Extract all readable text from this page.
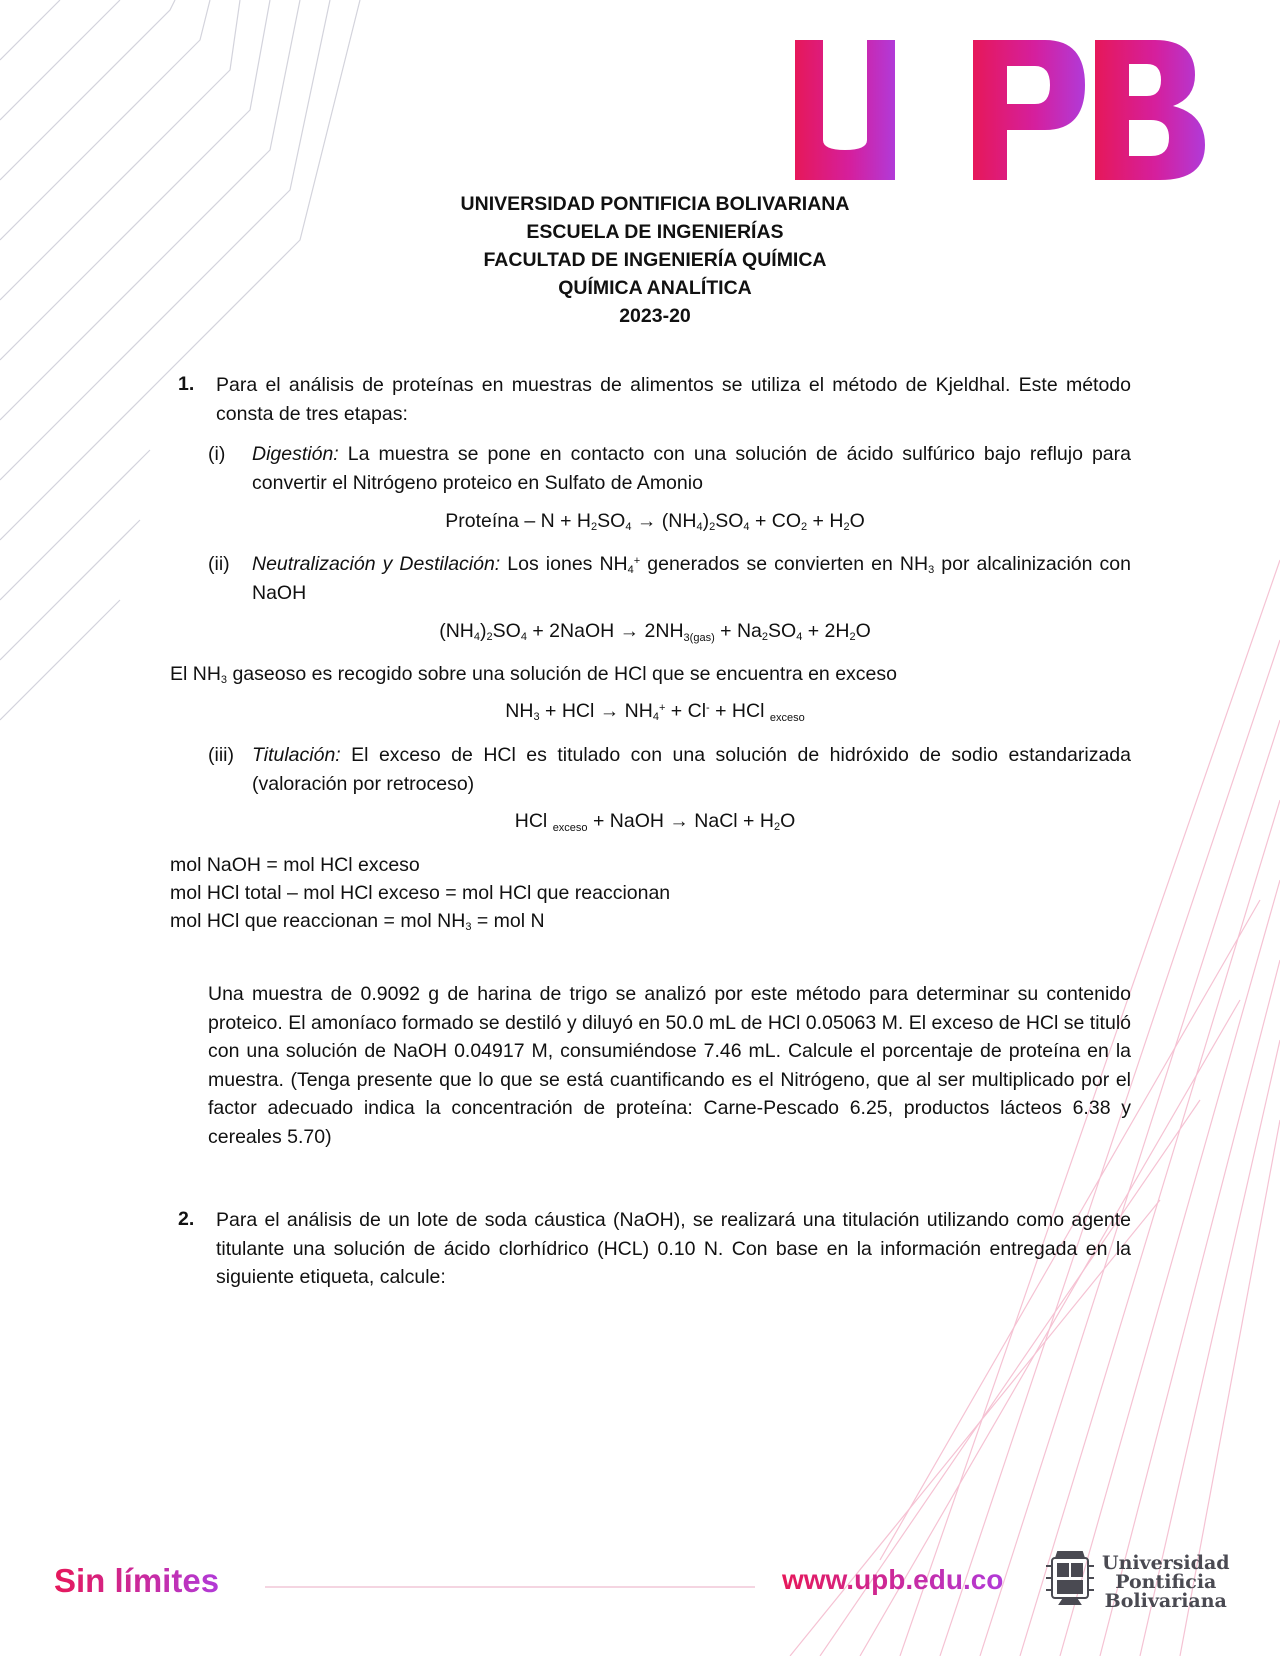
UNIVERSIDAD PONTIFICIA BOLIVARIANA
ESCUELA DE INGENIERÍAS
FACULTAD DE INGENIERÍA QUÍMICA
QUÍMICA ANALÍTICA
2023-20
1. Para el análisis de proteínas en muestras de alimentos se utiliza el método de Kjeldhal. Este método consta de tres etapas:
(i) Digestión: La muestra se pone en contacto con una solución de ácido sulfúrico bajo reflujo para convertir el Nitrógeno proteico en Sulfato de Amonio
Proteína – $N + H_2SO_4 \to (NH_4)_2SO_4 + CO_2 + H_2O$
(ii) Neutralización y Destilación: Los iones $NH_4^+$ generados se convierten en $NH_3$ por alcalinización con NaOH
$(NH_4)_2SO_4$ + 2NaOH → $2NH_{3(gas)} + Na_2SO_4 + 2H_2O$
El $NH_3$ gaseoso es recogido sobre una solución de HCl que se encuentra en exceso
$NH_3$ + HCl → $NH_4^+ + Cl^-$ + HCl $_{exceso}$
(iii) Titulación: El exceso de HCl es titulado con una solución de hidróxido de sodio estandarizada (valoración por retroceso)
HCl $_{exceso}$ + NaOH → NaCl + $H_2O$
mol NaOH = mol HCl exceso
mol HCl total – mol HCl exceso = mol HCl que reaccionan
mol HCl que reaccionan = mol $NH_3$ = mol N
Una muestra de 0.9092 g de harina de trigo se analizó por este método para determinar su contenido proteico. El amoníaco formado se destiló y diluyó en 50.0 mL de HCl 0.05063 M. El exceso de HCl se tituló con una solución de NaOH 0.04917 M, consumiéndose 7.46 mL. Calcule el porcentaje de proteína en la muestra. (Tenga presente que lo que se está cuantificando es el Nitrógeno, que al ser multiplicado por el factor adecuado indica la concentración de proteína: Carne-Pescado 6.25, productos lácteos 6.38 y cereales 5.70)
2. Para el análisis de un lote de soda cáustica (NaOH), se realizará una titulación utilizando como agente titulante una solución de ácido clorhídrico (HCL) 0.10 N. Con base en la información entregada en la siguiente etiqueta, calcule:
Sin límites	www.upb.edu.co
Universidad
Pontificia
Bolivariana
